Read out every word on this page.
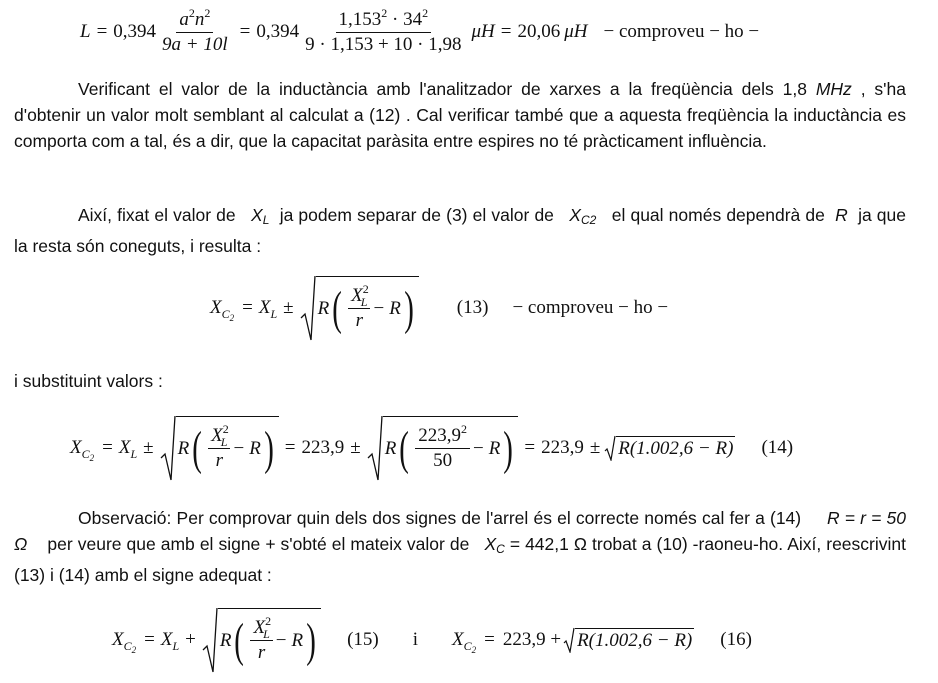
$L = 0,394 \frac{a^2n^2}{9a + 10l} = 0,394 \frac{1,153^2 \cdot 34^2}{9 \cdot 1,153 + 10 \cdot 1,98}$ μH = 20,06 μH − comproveu − ho −
Verificant el valor de la inductància amb l'analitzador de xarxes a la freqüència dels 1,8 MHz , s'ha d'obtenir un valor molt semblant al calculat a (12) . Cal verificar també que a aquesta freqüència la inductància es comporta com a tal, és a dir, que la capacitat paràsita entre espires no té pràcticament influència.
Així, fixat el valor de $X_L$ ja podem separar de (3) el valor de $X_{C2}$ el qual només dependrà de R ja que la resta són coneguts, i resulta :
$X_{C_2} = X_L \pm R$ ( $\frac{X^2_L}{r} - R$ ) (13) − comproveu − ho −
i substituint valors :
$X_{C_2} = X_L \pm R$ ( $\frac{X^2_L}{r} - R$ ) = 223,9 ± R ( $\frac{223,9^2}{50} - R$ ) = 223,9 ± R(1.002,6 − R) (14)
Observació: Per comprovar quin dels dos signes de l'arrel és el correcte només cal fer a (14) R = r = 50 Ω per veure que amb el signe + s'obté el mateix valor de $X_C = 442,1$ Ω trobat a (10) -raoneu-ho. Així, reescrivint (13) i (14) amb el signe adequat :
$X_{C_2} = X_L + R$ ( $\frac{X^2_L}{r} - R$ ) (15) i $X_{C_2} = 223,9 + R(1.002,6 - R)$ (16)
